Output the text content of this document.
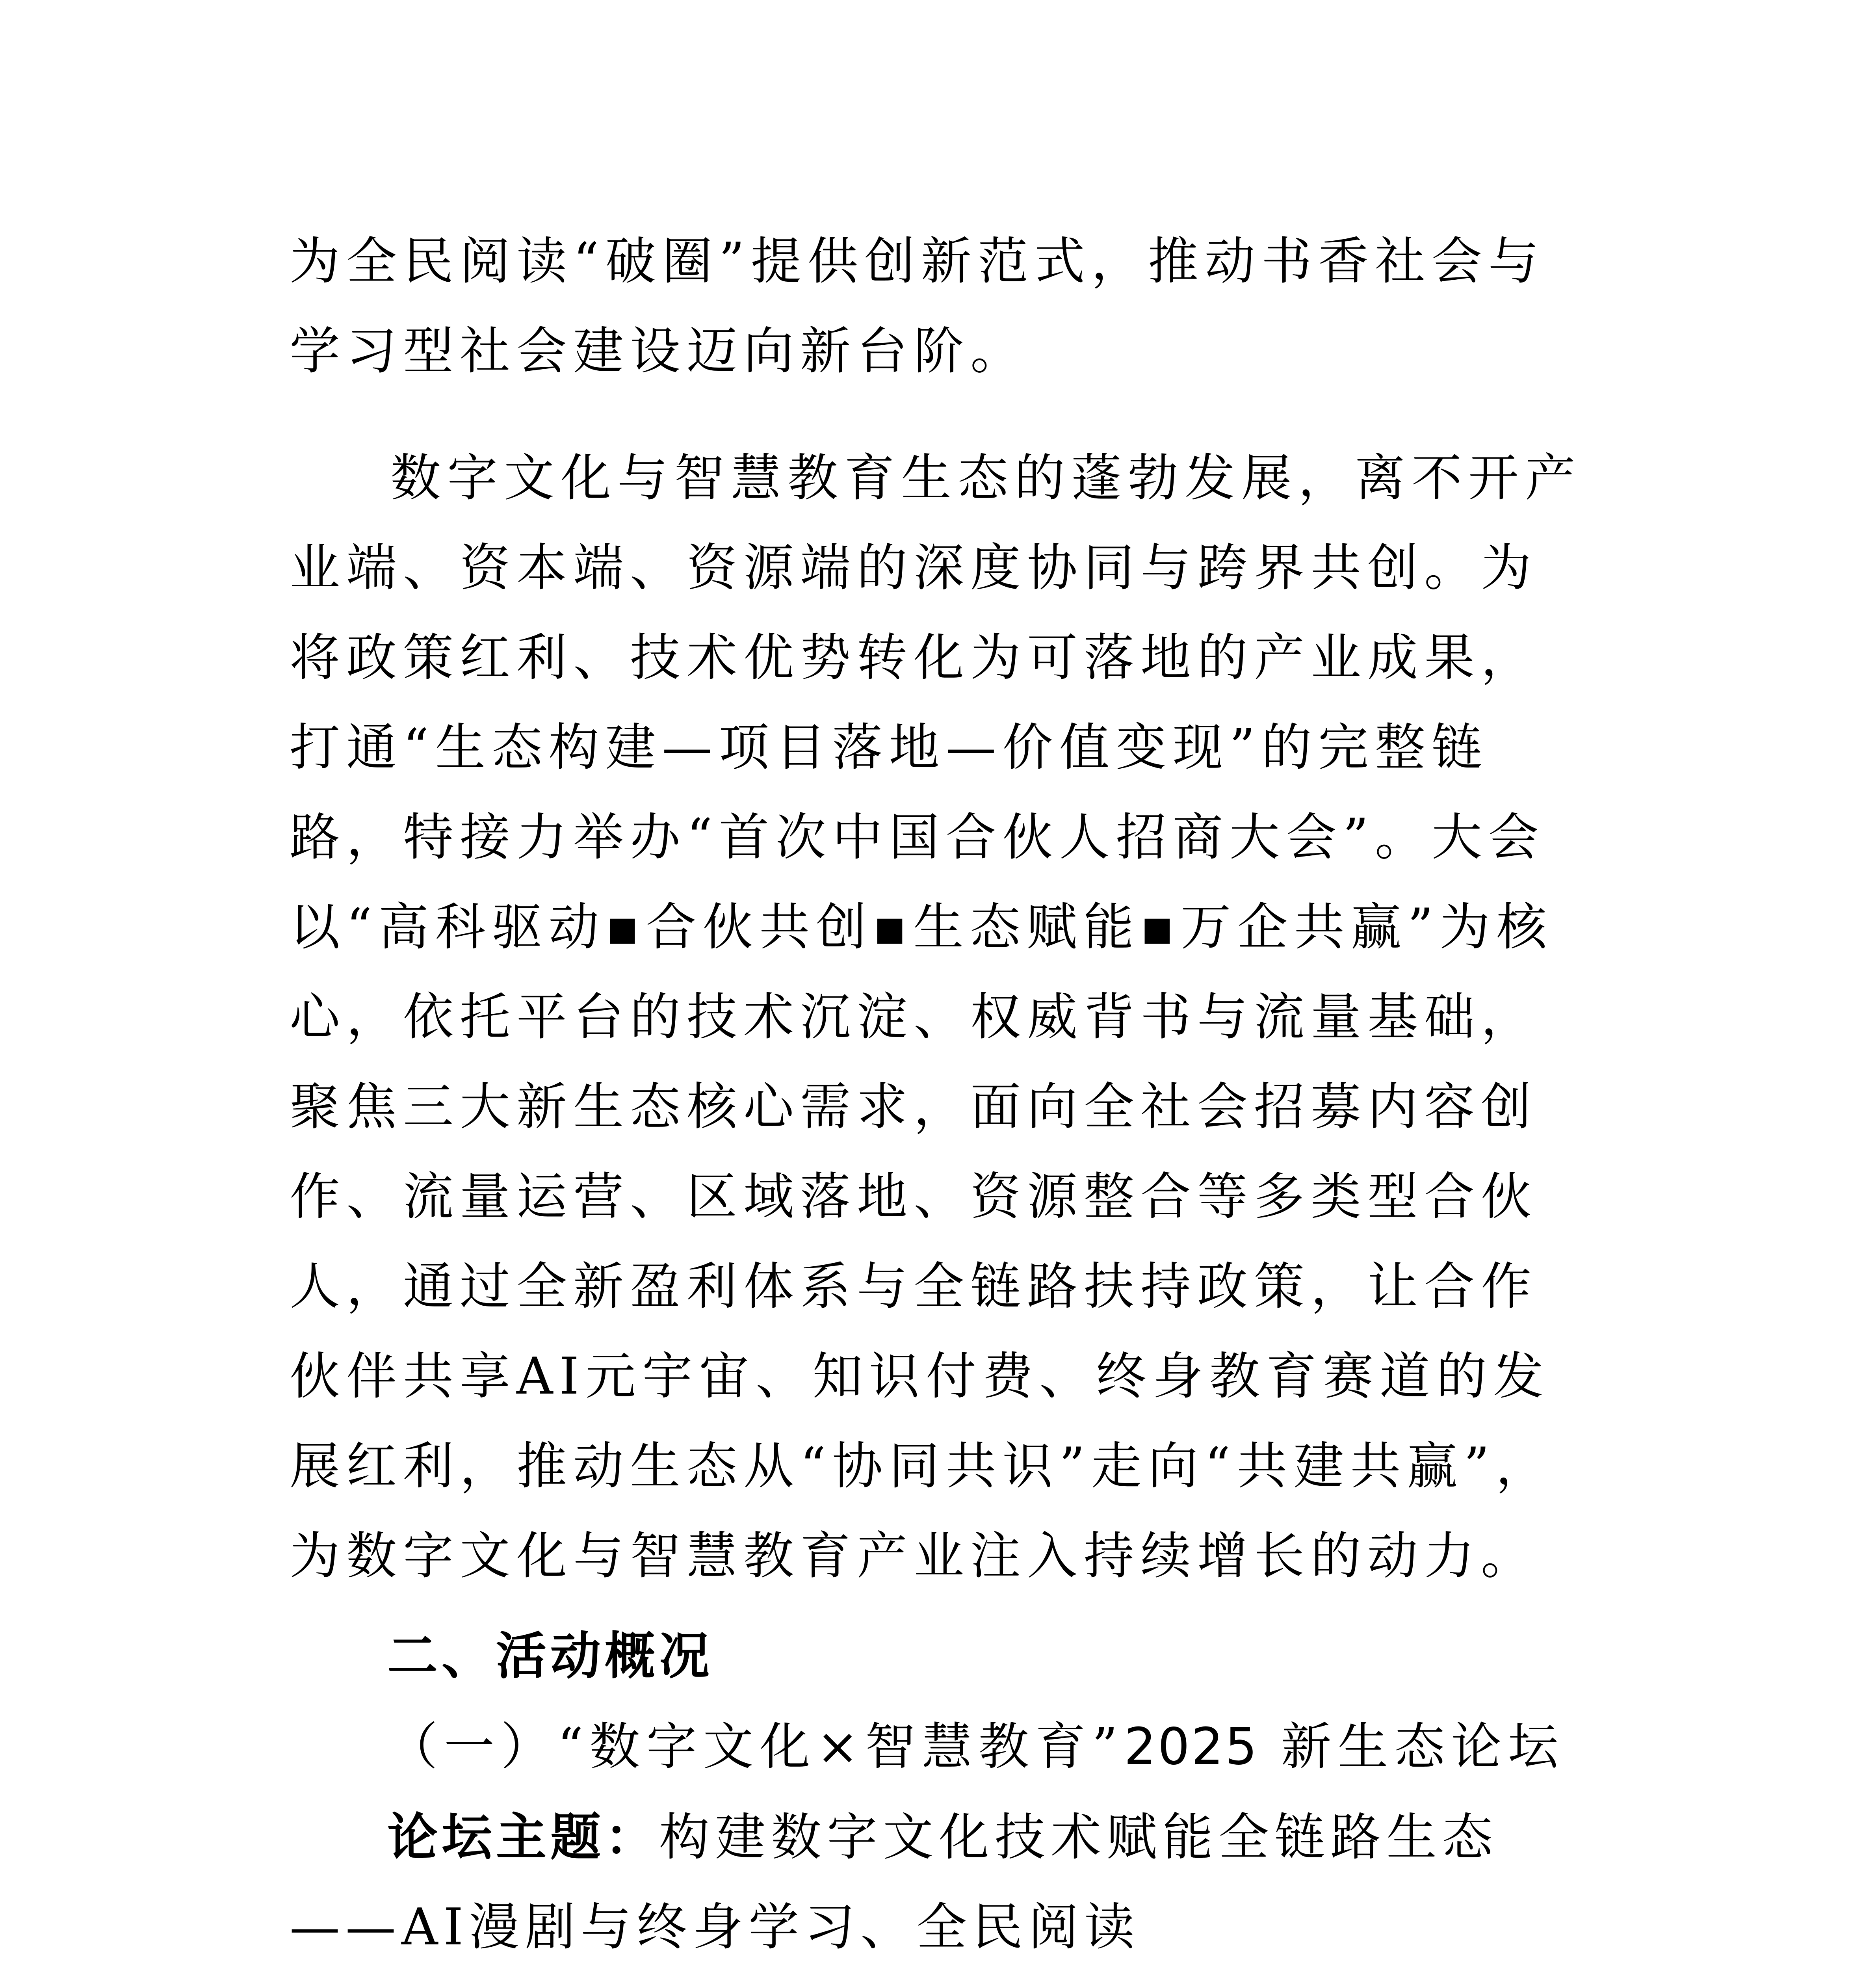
为全民阅读“破圈”提供创新范式，推动书香社会与学习型社会建设迈向新台阶。

数字文化与智慧教育生态的蓬勃发展，离不开产业端、资本端、资源端的深度协同与跨界共创。为将政策红利、技术优势转化为可落地的产业成果，打通“生态构建—项目落地—价值变现”的完整链路，特接力举办“首次中国合伙人招商大会”。大会以“高科驱动▪合伙共创▪生态赋能▪万企共赢”为核心，依托平台的技术沉淀、权威背书与流量基础，聚焦三大新生态核心需求，面向全社会招募内容创作、流量运营、区域落地、资源整合等多类型合伙人，通过全新盈利体系与全链路扶持政策，让合作伙伴共享AI元宇宙、知识付费、终身教育赛道的发展红利，推动生态从“协同共识”走向“共建共赢”，为数字文化与智慧教育产业注入持续增长的动力。

二、活动概况
（一）“数字文化×智慧教育”2025 新生态论坛

论坛主题：构建数字文化技术赋能全链路生态——AI漫剧与终身学习、全民阅读
